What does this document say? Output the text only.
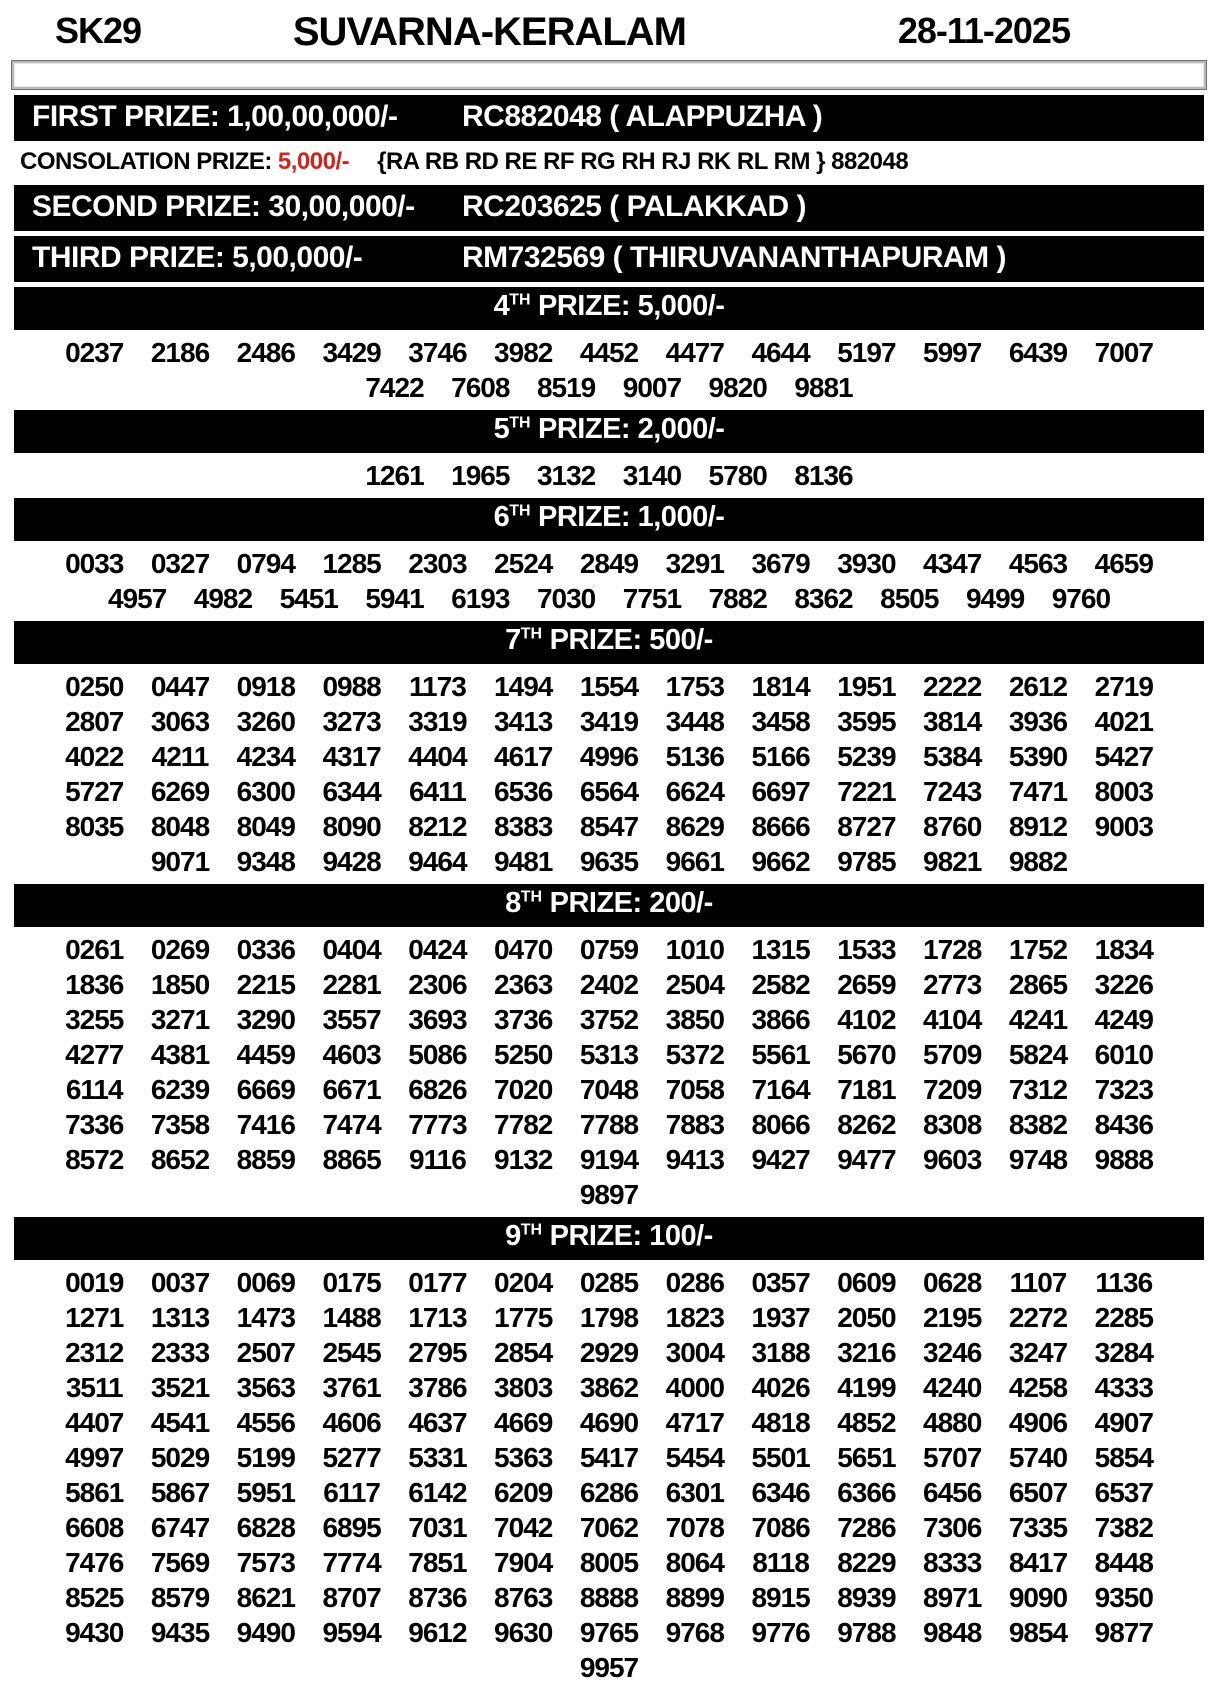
SK29	SUVARNA-KERALAM	28-11-2025
FIRST PRIZE: 1,00,00,000/-	RC882048 ( ALAPPUZHA )
CONSOLATION PRIZE: 5,000/- {RA RB RD RE RF RG RH RJ RK RL RM } 882048
SECOND PRIZE: 30,00,000/-	RC203625 ( PALAKKAD )
THIRD PRIZE: 5,00,000/-	RM732569 ( THIRUVANANTHAPURAM )
4TH PRIZE: 5,000/-
0237 2186 2486 3429 3746 3982 4452 4477 4644 5197 5997 6439 7007
7422 7608 8519 9007 9820 9881
5TH PRIZE: 2,000/-
1261 1965 3132 3140 5780 8136
6TH PRIZE: 1,000/-
0033 0327 0794 1285 2303 2524 2849 3291 3679 3930 4347 4563 4659
4957 4982 5451 5941 6193 7030 7751 7882 8362 8505 9499 9760
7TH PRIZE: 500/-
0250 0447 0918 0988	1173	1494 1554 1753 1814 1951 2222 2612 2719
2807 3063 3260 3273 3319 3413 3419 3448 3458 3595 3814 3936 4021
4022	4211	4234 4317 4404 4617 4996 5136 5166 5239 5384 5390 5427
5727 6269 6300 6344	6411	6536 6564 6624 6697 7221 7243 7471 8003
8035 8048 8049 8090 8212 8383 8547 8629 8666 8727 8760 8912 9003
9071 9348 9428 9464 9481 9635 9661 9662 9785 9821 9882
8TH PRIZE: 200/-
0261 0269 0336 0404 0424 0470 0759 1010 1315 1533 1728 1752 1834
1836 1850 2215 2281 2306 2363 2402 2504 2582 2659 2773 2865 3226
3255 3271 3290 3557 3693 3736 3752 3850 3866 4102 4104 4241 4249
4277 4381 4459 4603 5086 5250 5313 5372 5561 5670 5709 5824 6010
6114	6239 6669 6671 6826 7020 7048 7058 7164 7181 7209 7312 7323
7336 7358 7416 7474 7773 7782 7788 7883 8066 8262 8308 8382 8436
8572 8652 8859 8865	9116	9132 9194 9413 9427 9477 9603 9748 9888
9897
9TH PRIZE: 100/-
0019 0037 0069 0175 0177 0204 0285 0286 0357 0609 0628	1107	1136
1271 1313 1473 1488 1713 1775 1798 1823 1937 2050 2195 2272 2285
2312 2333 2507 2545 2795 2854 2929 3004 3188 3216 3246 3247 3284
3511	3521 3563 3761 3786 3803 3862 4000 4026 4199 4240 4258 4333
4407 4541 4556 4606 4637 4669 4690 4717 4818 4852 4880 4906 4907
4997 5029 5199 5277 5331 5363 5417 5454 5501 5651 5707 5740 5854
5861 5867 5951	6117	6142 6209 6286 6301 6346 6366 6456 6507 6537
6608 6747 6828 6895 7031 7042 7062 7078 7086 7286 7306 7335 7382
7476 7569 7573 7774 7851 7904 8005 8064	8118	8229 8333 8417 8448
8525 8579 8621 8707 8736 8763 8888 8899 8915 8939 8971 9090 9350
9430 9435 9490 9594 9612 9630 9765 9768 9776 9788 9848 9854 9877
9957
